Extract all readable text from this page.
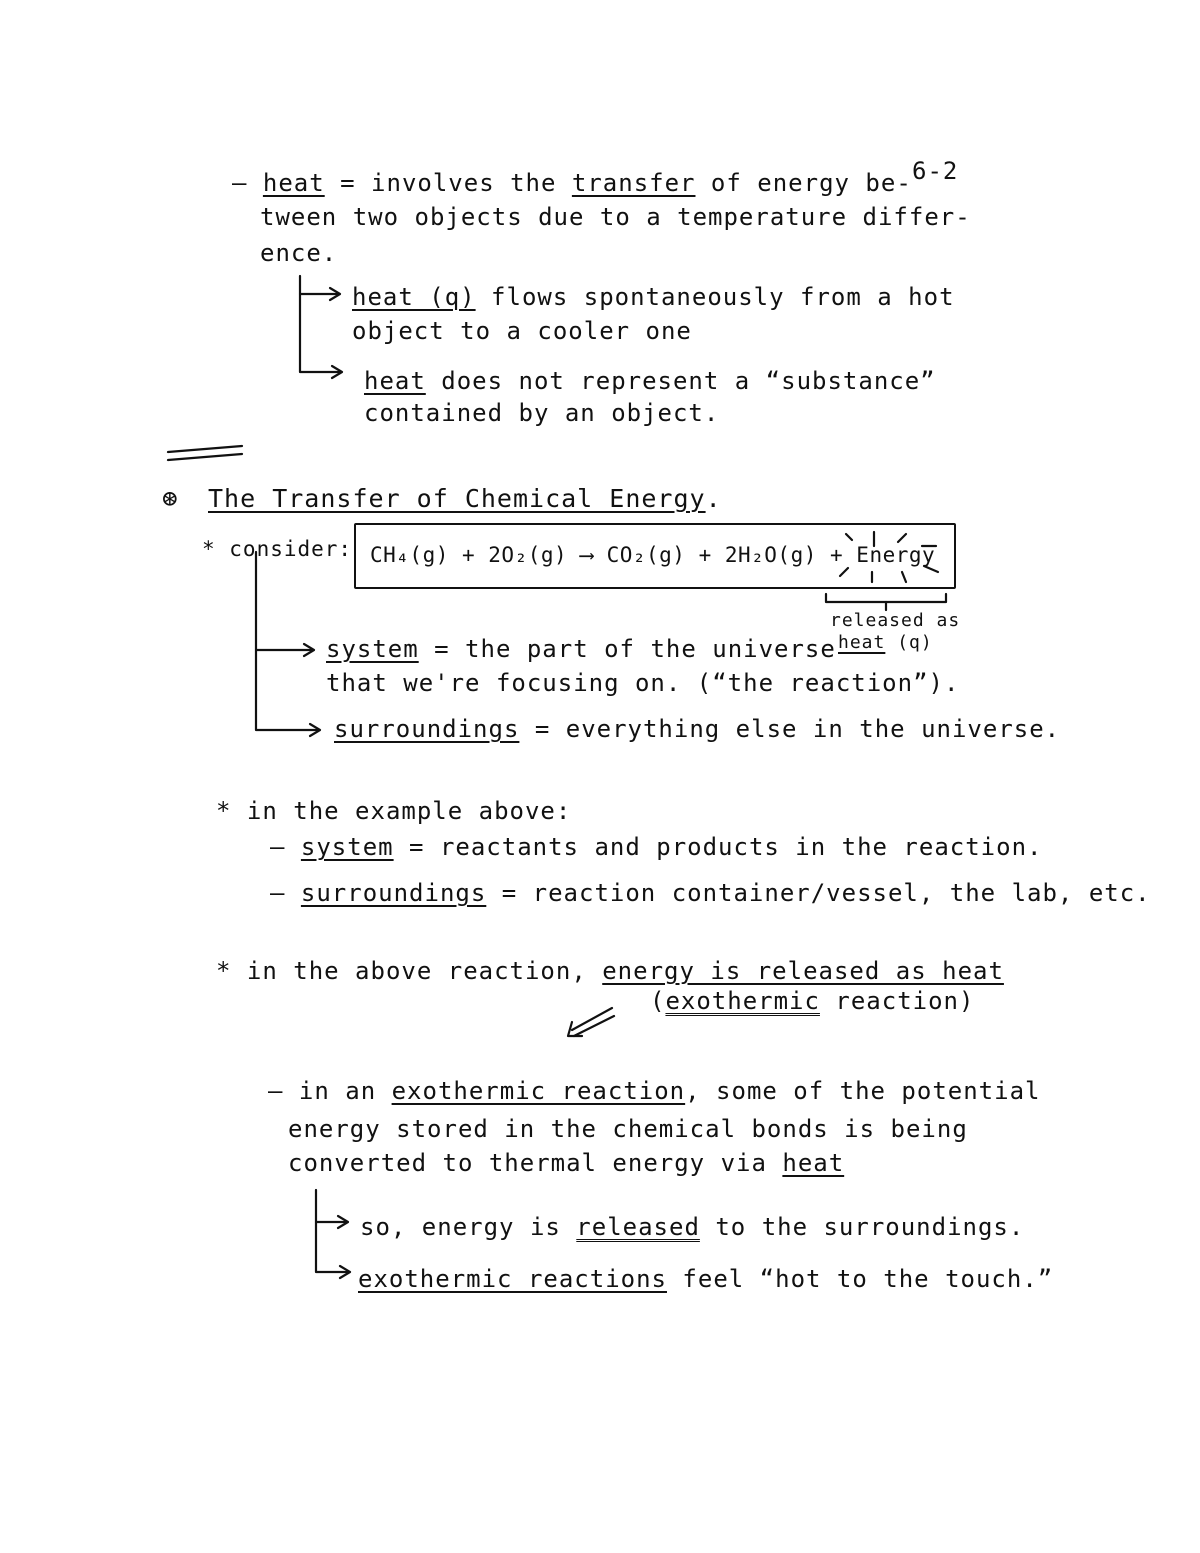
6-2
– heat = involves the transfer of energy be-
tween two objects due to a temperature differ-
ence.
heat (q) flows spontaneously from a hot
object to a cooler one
heat does not represent a “substance”
contained by an object.
⊛ The Transfer of Chemical Energy.
* consider: CH₄(g) + 2O₂(g) ⟶ CO₂(g) + 2H₂O(g) + Energy
released as
heat (q)
system = the part of the universe
that we're focusing on. (“the reaction”).
surroundings = everything else in the universe.
* in the example above:
– system = reactants and products in the reaction.
– surroundings = reaction container/vessel, the lab, etc.
* in the above reaction, energy is released as heat
(exothermic reaction)
– in an exothermic reaction, some of the potential
energy stored in the chemical bonds is being
converted to thermal energy via heat
so, energy is released to the surroundings.
exothermic reactions feel “hot to the touch.”
